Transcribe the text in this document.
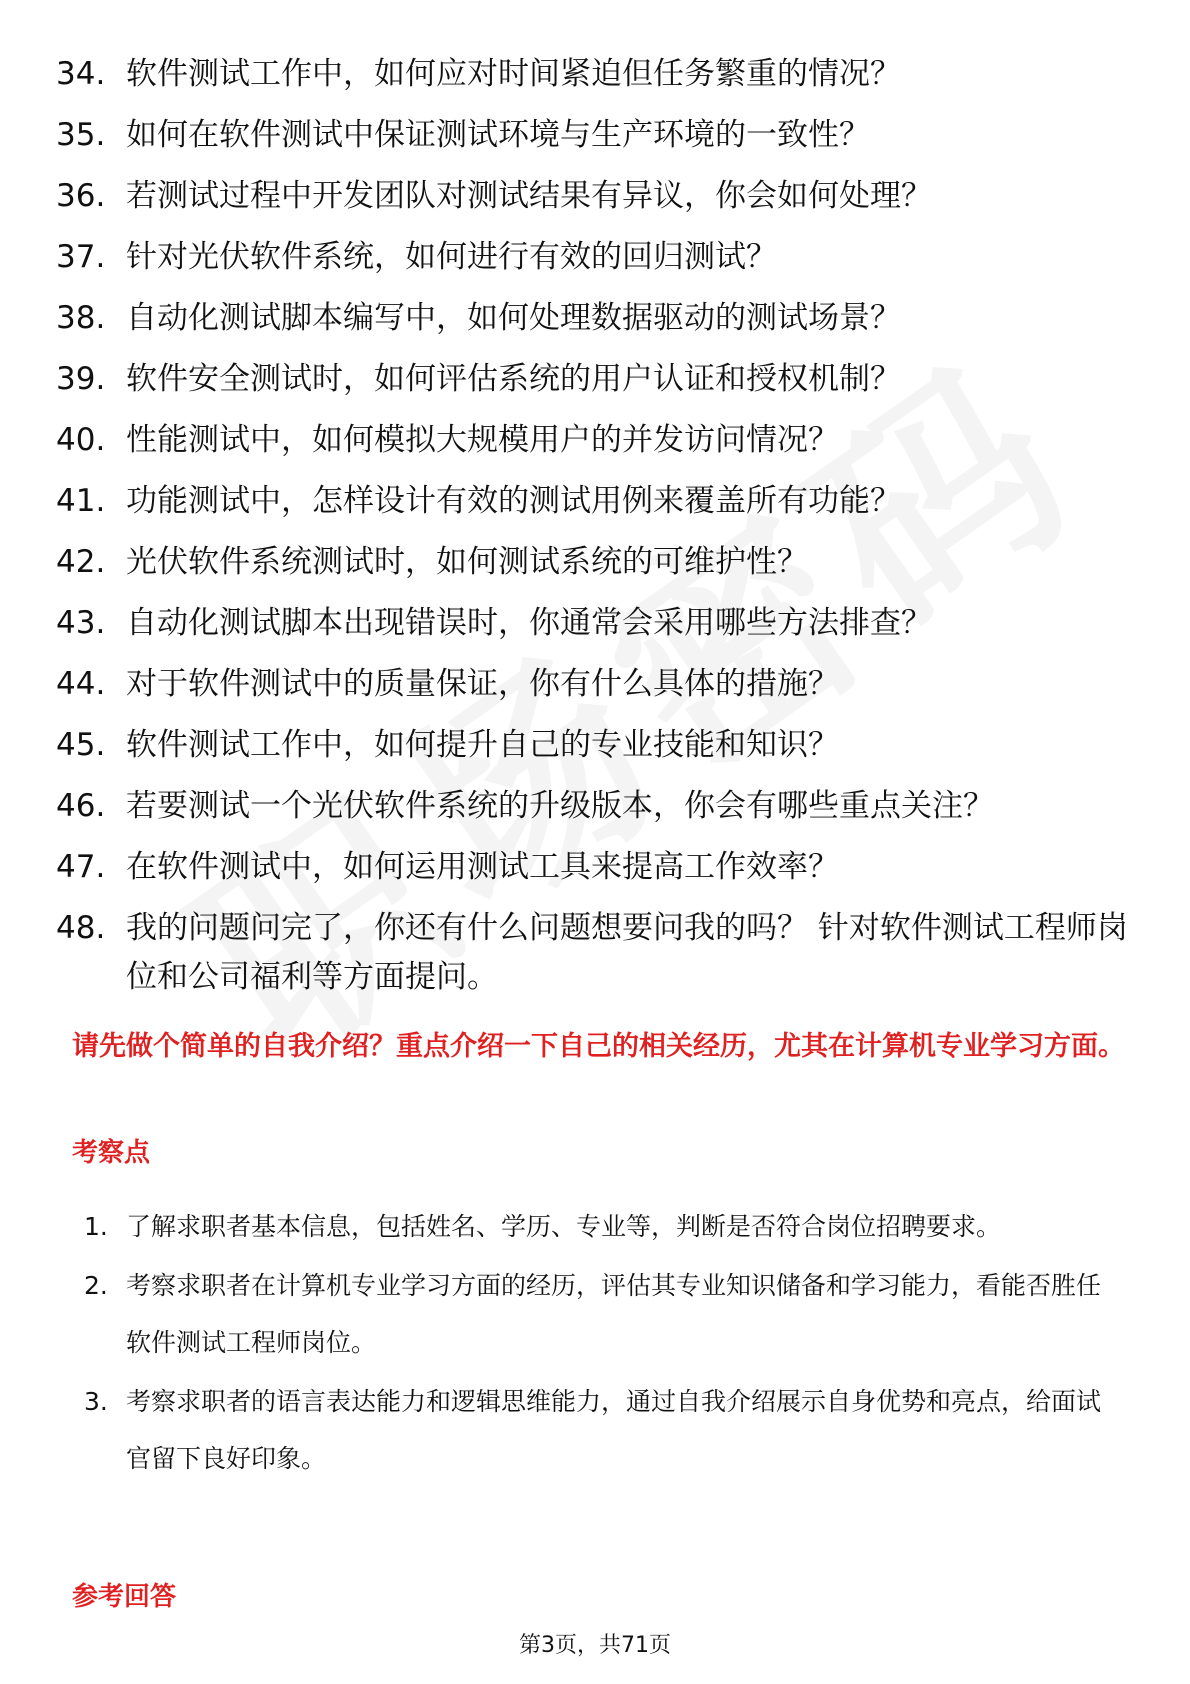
34. 软件测试工作中，如何应对时间紧迫但任务繁重的情况？
35. 如何在软件测试中保证测试环境与生产环境的一致性？
36. 若测试过程中开发团队对测试结果有异议，你会如何处理？
37. 针对光伏软件系统，如何进行有效的回归测试？
38. 自动化测试脚本编写中，如何处理数据驱动的测试场景？
39. 软件安全测试时，如何评估系统的用户认证和授权机制？
40. 性能测试中，如何模拟大规模用户的并发访问情况？
41. 功能测试中，怎样设计有效的测试用例来覆盖所有功能？
42. 光伏软件系统测试时，如何测试系统的可维护性？
43. 自动化测试脚本出现错误时，你通常会采用哪些方法排查？
44. 对于软件测试中的质量保证，你有什么具体的措施？
45. 软件测试工作中，如何提升自己的专业技能和知识？
46. 若要测试一个光伏软件系统的升级版本，你会有哪些重点关注？
47. 在软件测试中，如何运用测试工具来提高工作效率？
48. 我的问题问完了，你还有什么问题想要问我的吗？ 针对软件测试工程师岗位和公司福利等方面提问。
请先做个简单的自我介绍？重点介绍一下自己的相关经历，尤其在计算机专业学习方面。
考察点
1. 了解求职者基本信息，包括姓名、学历、专业等，判断是否符合岗位招聘要求。
2. 考察求职者在计算机专业学习方面的经历，评估其专业知识储备和学习能力，看能否胜任软件测试工程师岗位。
3. 考察求职者的语言表达能力和逻辑思维能力，通过自我介绍展示自身优势和亮点，给面试官留下良好印象。
参考回答
第3页，共71页
